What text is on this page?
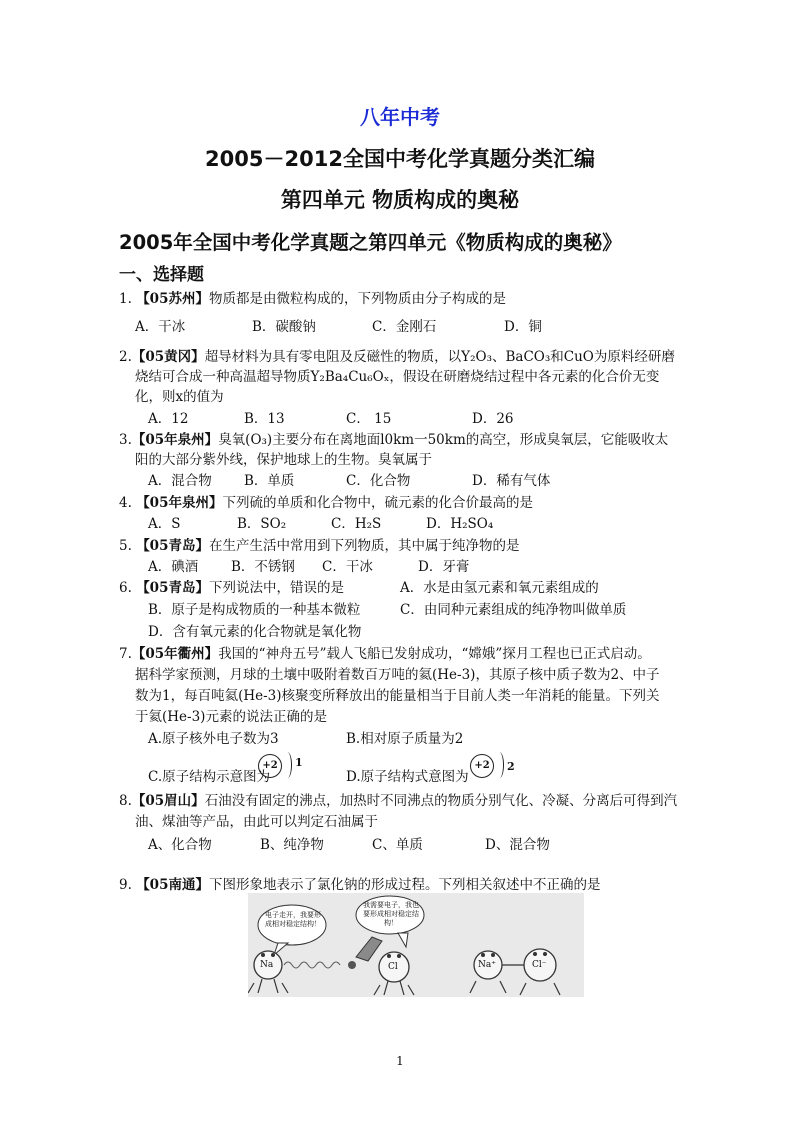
八年中考
2005－2012全国中考化学真题分类汇编
第四单元 物质构成的奥秘
2005年全国中考化学真题之第四单元《物质构成的奥秘》
一、选择题
1. 【05苏州】物质都是由微粒构成的，下列物质由分子构成的是
A．干冰	B．碳酸钠	C．金刚石	D．铜
2.【05黄冈】超导材料为具有零电阻及反磁性的物质，以Y₂O₃、BaCO₃和CuO为原料经研磨
烧结可合成一种高温超导物质Y₂Ba₄Cu₆Oₓ，假设在研磨烧结过程中各元素的化合价无变
化，则x的值为
A．12	B．13	C． 15	D．26
3.【05年泉州】臭氧(O₃)主要分布在离地面l0km一50km的高空，形成臭氧层，它能吸收太
阳的大部分紫外线，保护地球上的生物。臭氧属于
A．混合物 B．单质	C．化合物	D．稀有气体
4. 【05年泉州】下列硫的单质和化合物中，硫元素的化合价最高的是
A．S	B．SO₂	C．H₂S	D．H₂SO₄
5. 【05青岛】在生产生活中常用到下列物质，其中属于纯净物的是
A．碘酒 B．不锈钢 C．干冰	D．牙膏
6. 【05青岛】下列说法中，错误的是	A．水是由氢元素和氧元素组成的
B．原子是构成物质的一种基本微粒	C．由同种元素组成的纯净物叫做单质
D．含有氧元素的化合物就是氧化物
7.【05年衢州】我国的“神舟五号”载人飞船已发射成功，“嫦娥”探月工程也已正式启动。
据科学家预测，月球的土壤中吸附着数百万吨的氦(He-3)，其原子核中质子数为2、中子
数为1，每百吨氦(He-3)核聚变所释放出的能量相当于目前人类一年消耗的能量。下列关
于氦(He-3)元素的说法正确的是
A.原子核外电子数为3	B.相对原子质量为2
C.原子结构示意图为
+2	1
D.原子结构式意图为
+2	2
8.【05眉山】石油没有固定的沸点，加热时不同沸点的物质分别气化、冷凝、分离后可得到汽
油、煤油等产品，由此可以判定石油属于
A、化合物	B、纯净物	C、单质	D、混合物
9. 【05南通】下图形象地表示了氯化钠的形成过程。下列相关叙述中不正确的是
电子走开，我要形成相对稳定结构！
我需要电子，我也要形成相对稳定结构！
Na	Cl	Na⁺	Cl⁻
1
